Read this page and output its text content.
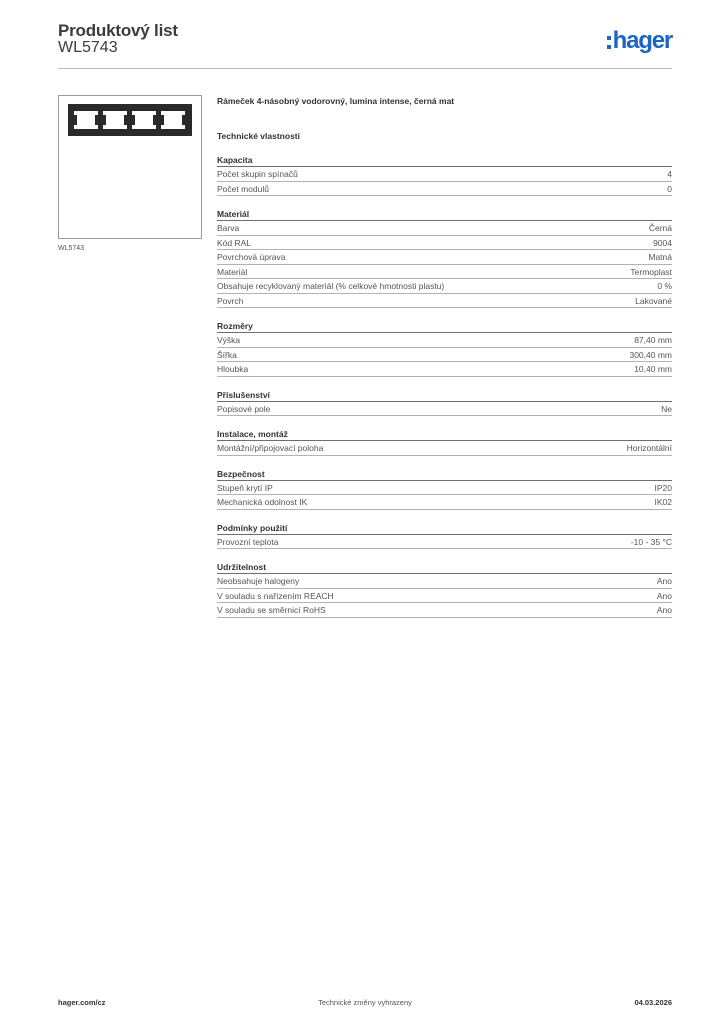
Produktový list
WL5743	hager
WL5743
Rámeček 4-násobný vodorovný, lumina intense, černá mat
Technické vlastnosti
Kapacita
Počet skupin spínačů	4
Počet modulů	0
Materiál
Barva	Černá
Kód RAL	9004
Povrchová úprava	Matná
Materiál	Termoplast
Obsahuje recyklovaný materiál (% celkové hmotnosti plastu)	0 %
Povrch	Lakované
Rozměry
Výška	87,40 mm
Šířka	300,40 mm
Hloubka	10,40 mm
Příslušenství
Popisové pole	Ne
Instalace, montáž
Montážní/připojovací poloha	Horizontální
Bezpečnost
Stupeň krytí IP	IP20
Mechanická odolnost IK	IK02
Podmínky použití
Provozní teplota	-10 - 35 °C
Udržitelnost
Neobsahuje halogeny	Ano
V souladu s nařízením REACH	Ano
V souladu se směrnicí RoHS	Ano
hager.com/cz	Technické změny vyhrazeny	04.03.2026
